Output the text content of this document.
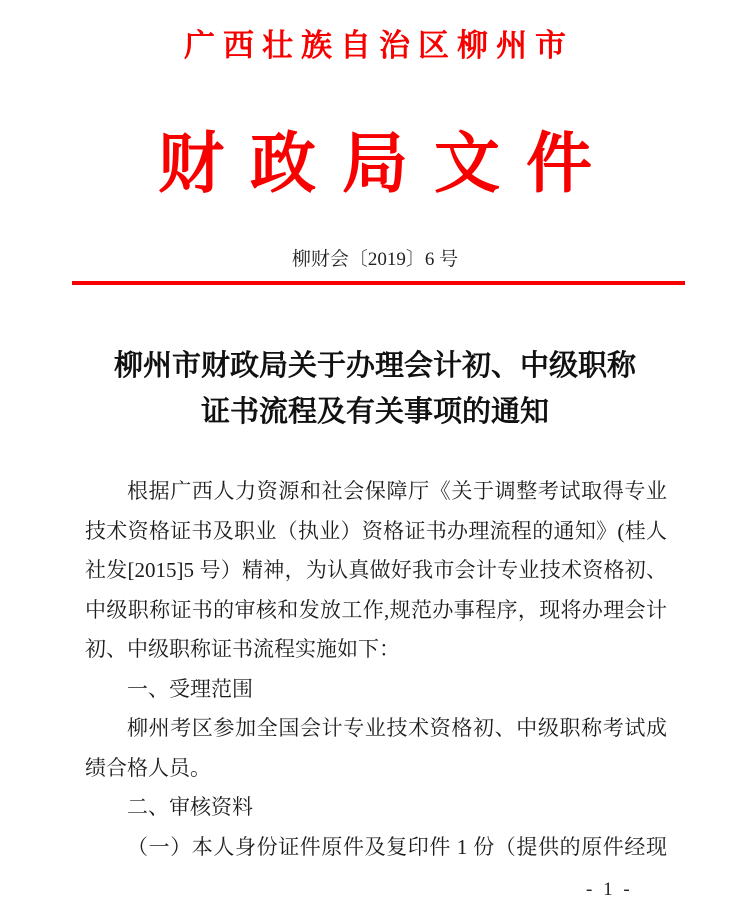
广西壮族自治区柳州市
财政局文件
柳财会〔2019〕6 号
柳州市财政局关于办理会计初、中级职称
证书流程及有关事项的通知
根据广西人力资源和社会保障厅《关于调整考试取得专业
技术资格证书及职业（执业）资格证书办理流程的通知》(桂人
社发[2015]5 号）精神，为认真做好我市会计专业技术资格初、
中级职称证书的审核和发放工作,规范办事程序，现将办理会计
初、中级职称证书流程实施如下：
一、受理范围
柳州考区参加全国会计专业技术资格初、中级职称考试成
绩合格人员。
二、审核资料
（一）本人身份证件原件及复印件 1 份（提供的原件经现
- 1 -
